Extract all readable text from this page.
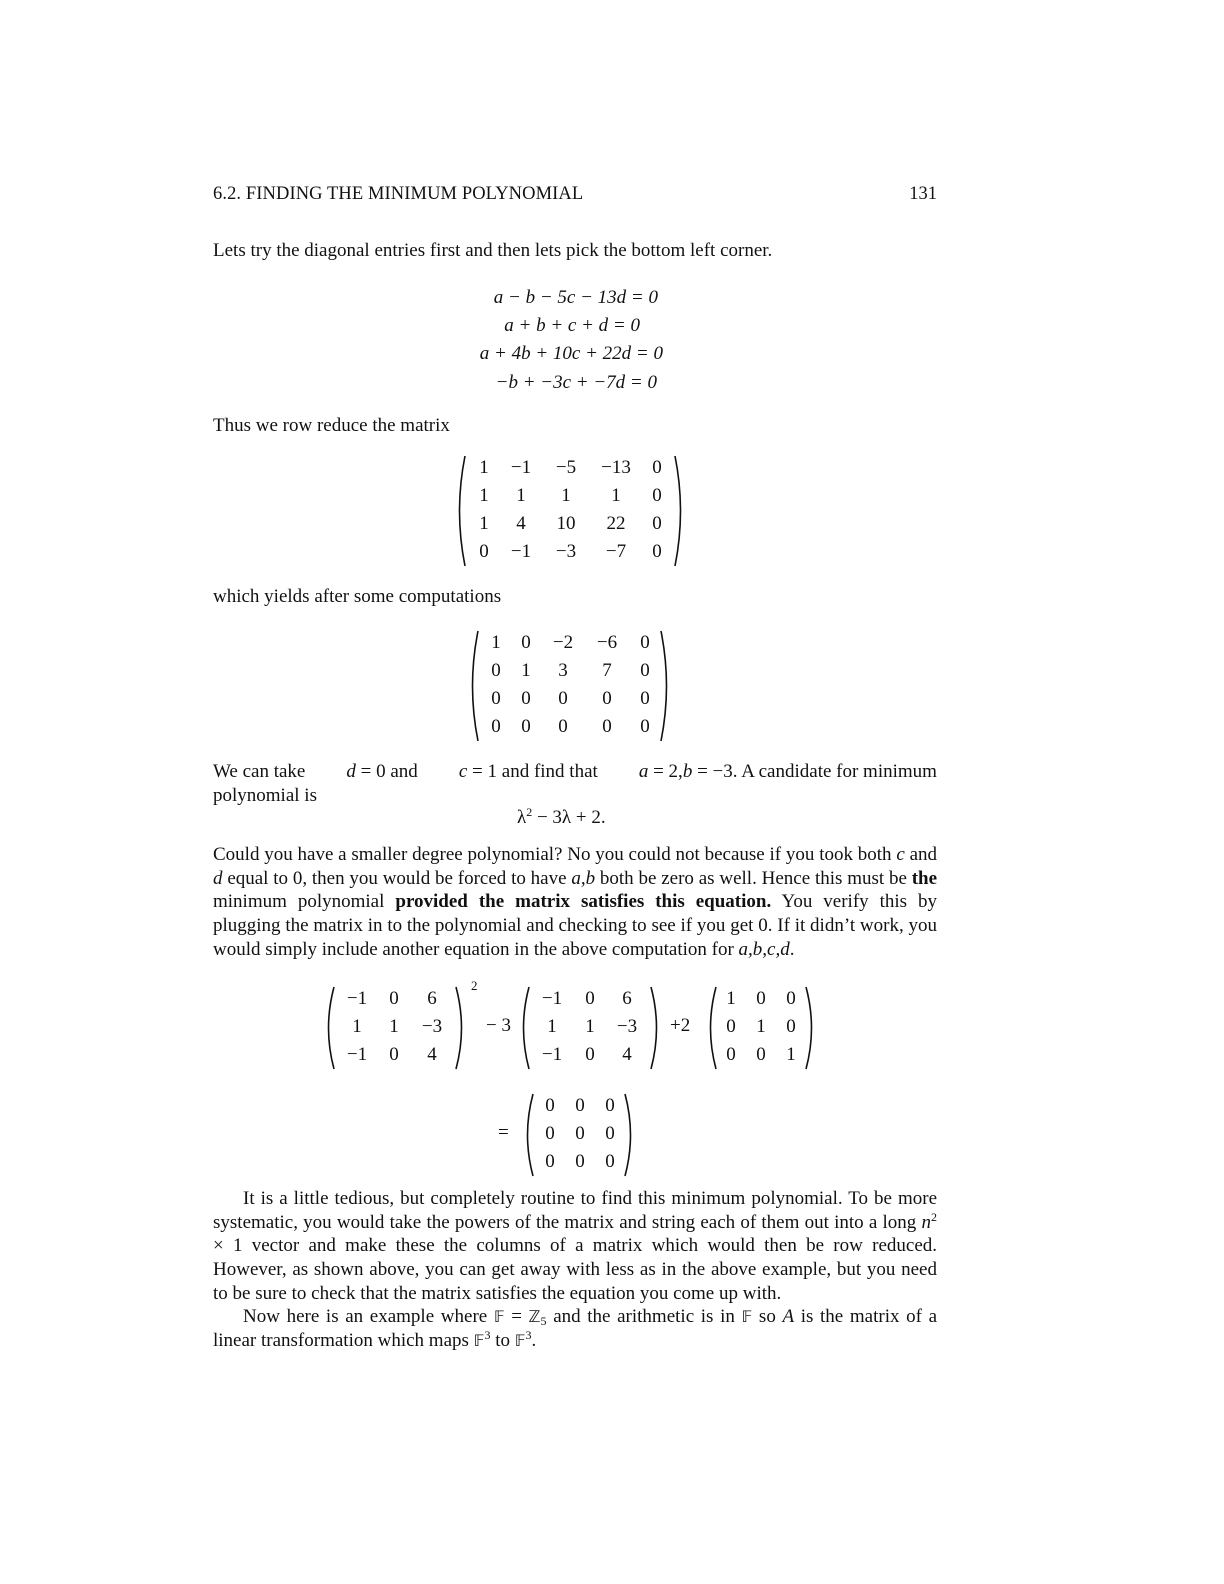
6.2. FINDING THE MINIMUM POLYNOMIAL	131
Lets try the diagonal entries first and then lets pick the bottom left corner.
a − b − 5c − 13d = 0
a + b + c + d = 0
a + 4b + 10c + 22d = 0
−b + −3c + −7d = 0
Thus we row reduce the matrix
1	−1	−5	−13	0
1	1	1	1	0
1	4	10	22	0
0	−1	−3	−7	0
which yields after some computations
1	0	−2	−6	0
0	1	3	7	0
0	0	0	0	0
0	0	0	0	0
We can take d = 0 and c = 1 and find that a = 2,b = −3. A candidate for minimum
polynomial is
$\lambda^2 - 3\lambda + 2$.
Could you have a smaller degree polynomial? No you could not because if you took both c and d equal to 0, then you would be forced to have a,b both be zero as well. Hence this must be the minimum polynomial provided the matrix satisfies this equation. You verify this by plugging the matrix in to the polynomial and checking to see if you get 0. If it didn’t work, you would simply include another equation in the above computation for a,b,c,d.
−1	0	6
1	1	−3
−1	0	4
2
− 3
−1	0	6
1	1	−3
−1	0	4
+2
1	0	0
0	1	0
0	0	1
=
0	0	0
0	0	0
0	0	0
It is a little tedious, but completely routine to find this minimum polynomial. To be more systematic, you would take the powers of the matrix and string each of them out into a long $n^2 \times 1$ vector and make these the columns of a matrix which would then be row reduced. However, as shown above, you can get away with less as in the above example, but you need to be sure to check that the matrix satisfies the equation you come up with.
Now here is an example where 𝔽 = ℤ$_5$ and the arithmetic is in 𝔽 so A is the matrix of a linear transformation which maps 𝔽$^3$ to 𝔽$^3$.
